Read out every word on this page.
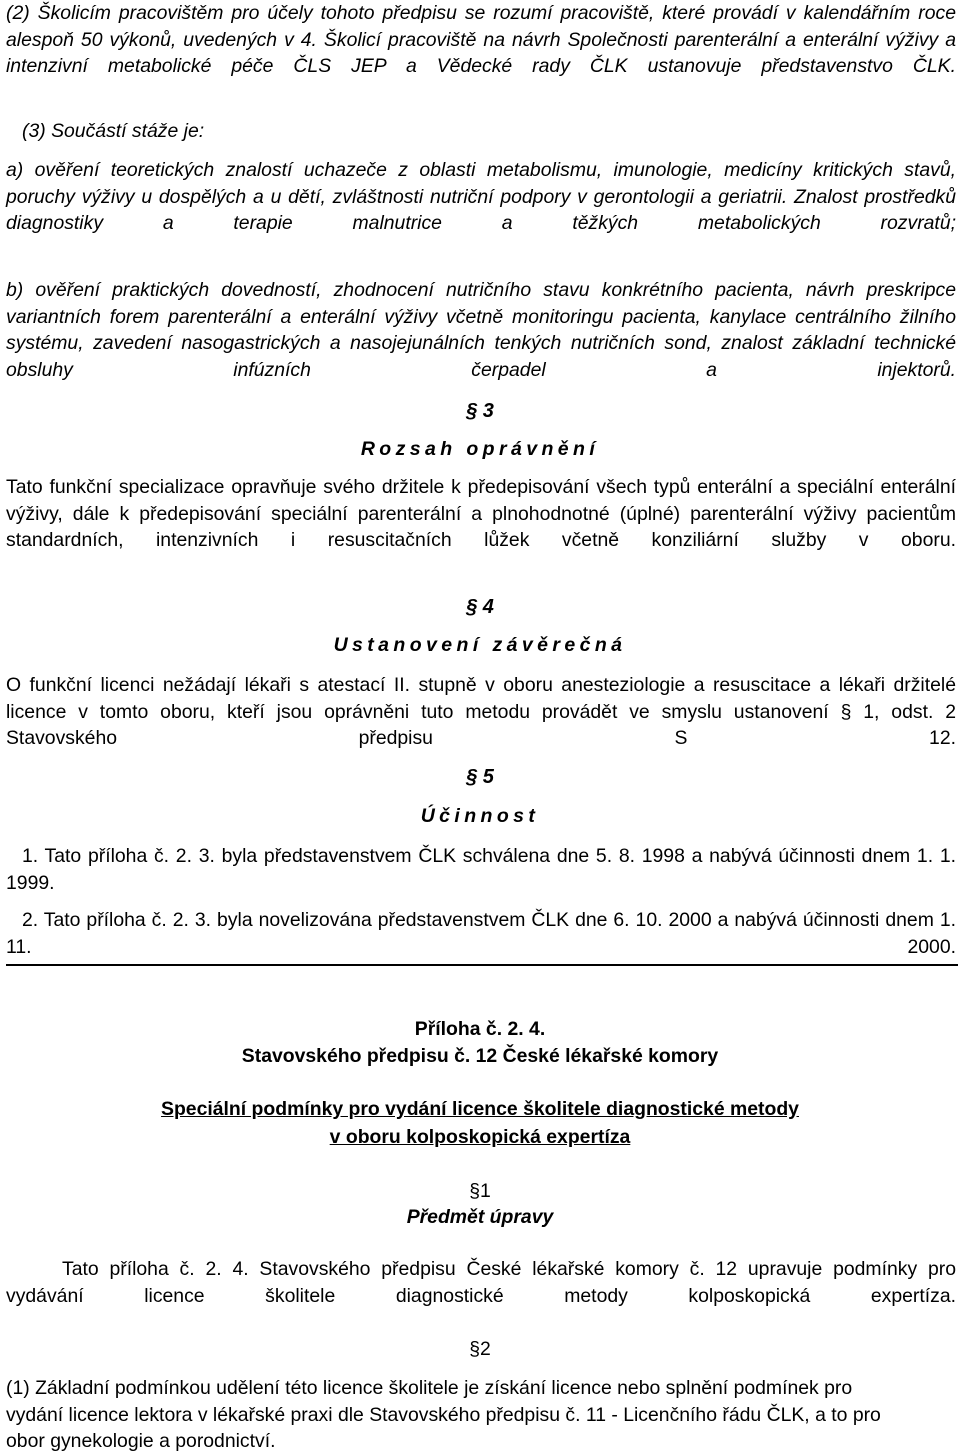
(2) Školicím pracovištěm pro účely tohoto předpisu se rozumí pracoviště, které provádí v kalendářním roce alespoň 50 výkonů, uvedených v 4. Školicí pracoviště na návrh Společnosti parenterální a enterální výživy a intenzivní metabolické péče ČLS JEP a Vědecké rady ČLK ustanovuje představenstvo ČLK.
(3) Součástí stáže je:
a) ověření teoretických znalostí uchazeče z oblasti metabolismu, imunologie, medicíny kritických stavů, poruchy výživy u dospělých a u dětí, zvláštnosti nutriční podpory v gerontologii a geriatrii. Znalost prostředků diagnostiky a terapie malnutrice a těžkých metabolických rozvratů;
b) ověření praktických dovedností, zhodnocení nutričního stavu konkrétního pacienta, návrh preskripce variantních forem parenterální a enterální výživy včetně monitoringu pacienta, kanylace centrálního žilního systému, zavedení nasogastrických a nasojejunálních tenkých nutričních sond, znalost základní technické obsluhy infúzních čerpadel a injektorů.
§ 3
Rozsah oprávnění
Tato funkční specializace opravňuje svého držitele k předepisování všech typů enterální a speciální enterální výživy, dále k předepisování speciální parenterální a plnohodnotné (úplné) parenterální výživy pacientům standardních, intenzivních i resuscitačních lůžek včetně konziliární služby v oboru.
§ 4
Ustanovení závěrečná
O funkční licenci nežádají lékaři s atestací II. stupně v oboru anesteziologie a resuscitace a lékaři držitelé licence v tomto oboru, kteří jsou oprávněni tuto metodu provádět ve smyslu ustanovení § 1, odst. 2 Stavovského předpisu S 12.
§ 5
Účinnost
1. Tato příloha č. 2. 3. byla představenstvem ČLK schválena dne 5. 8. 1998 a nabývá účinnosti dnem 1. 1. 1999.
2. Tato příloha č. 2. 3. byla novelizována představenstvem ČLK dne 6. 10. 2000 a nabývá účinnosti dnem 1. 11. 2000.
Příloha č. 2. 4.
Stavovského předpisu č. 12 České lékařské komory
Speciální podmínky pro vydání licence školitele diagnostické metody
v oboru kolposkopická expertíza
§1
Předmět úpravy
Tato příloha č. 2. 4. Stavovského předpisu České lékařské komory č. 12 upravuje podmínky pro vydávání licence školitele diagnostické metody kolposkopická expertíza.
§2
(1) Základní podmínkou udělení této licence školitele je získání licence nebo splnění podmínek pro vydání licence lektora v lékařské praxi dle Stavovského předpisu č. 11 - Licenčního řádu ČLK, a to pro obor gynekologie a porodnictví.
